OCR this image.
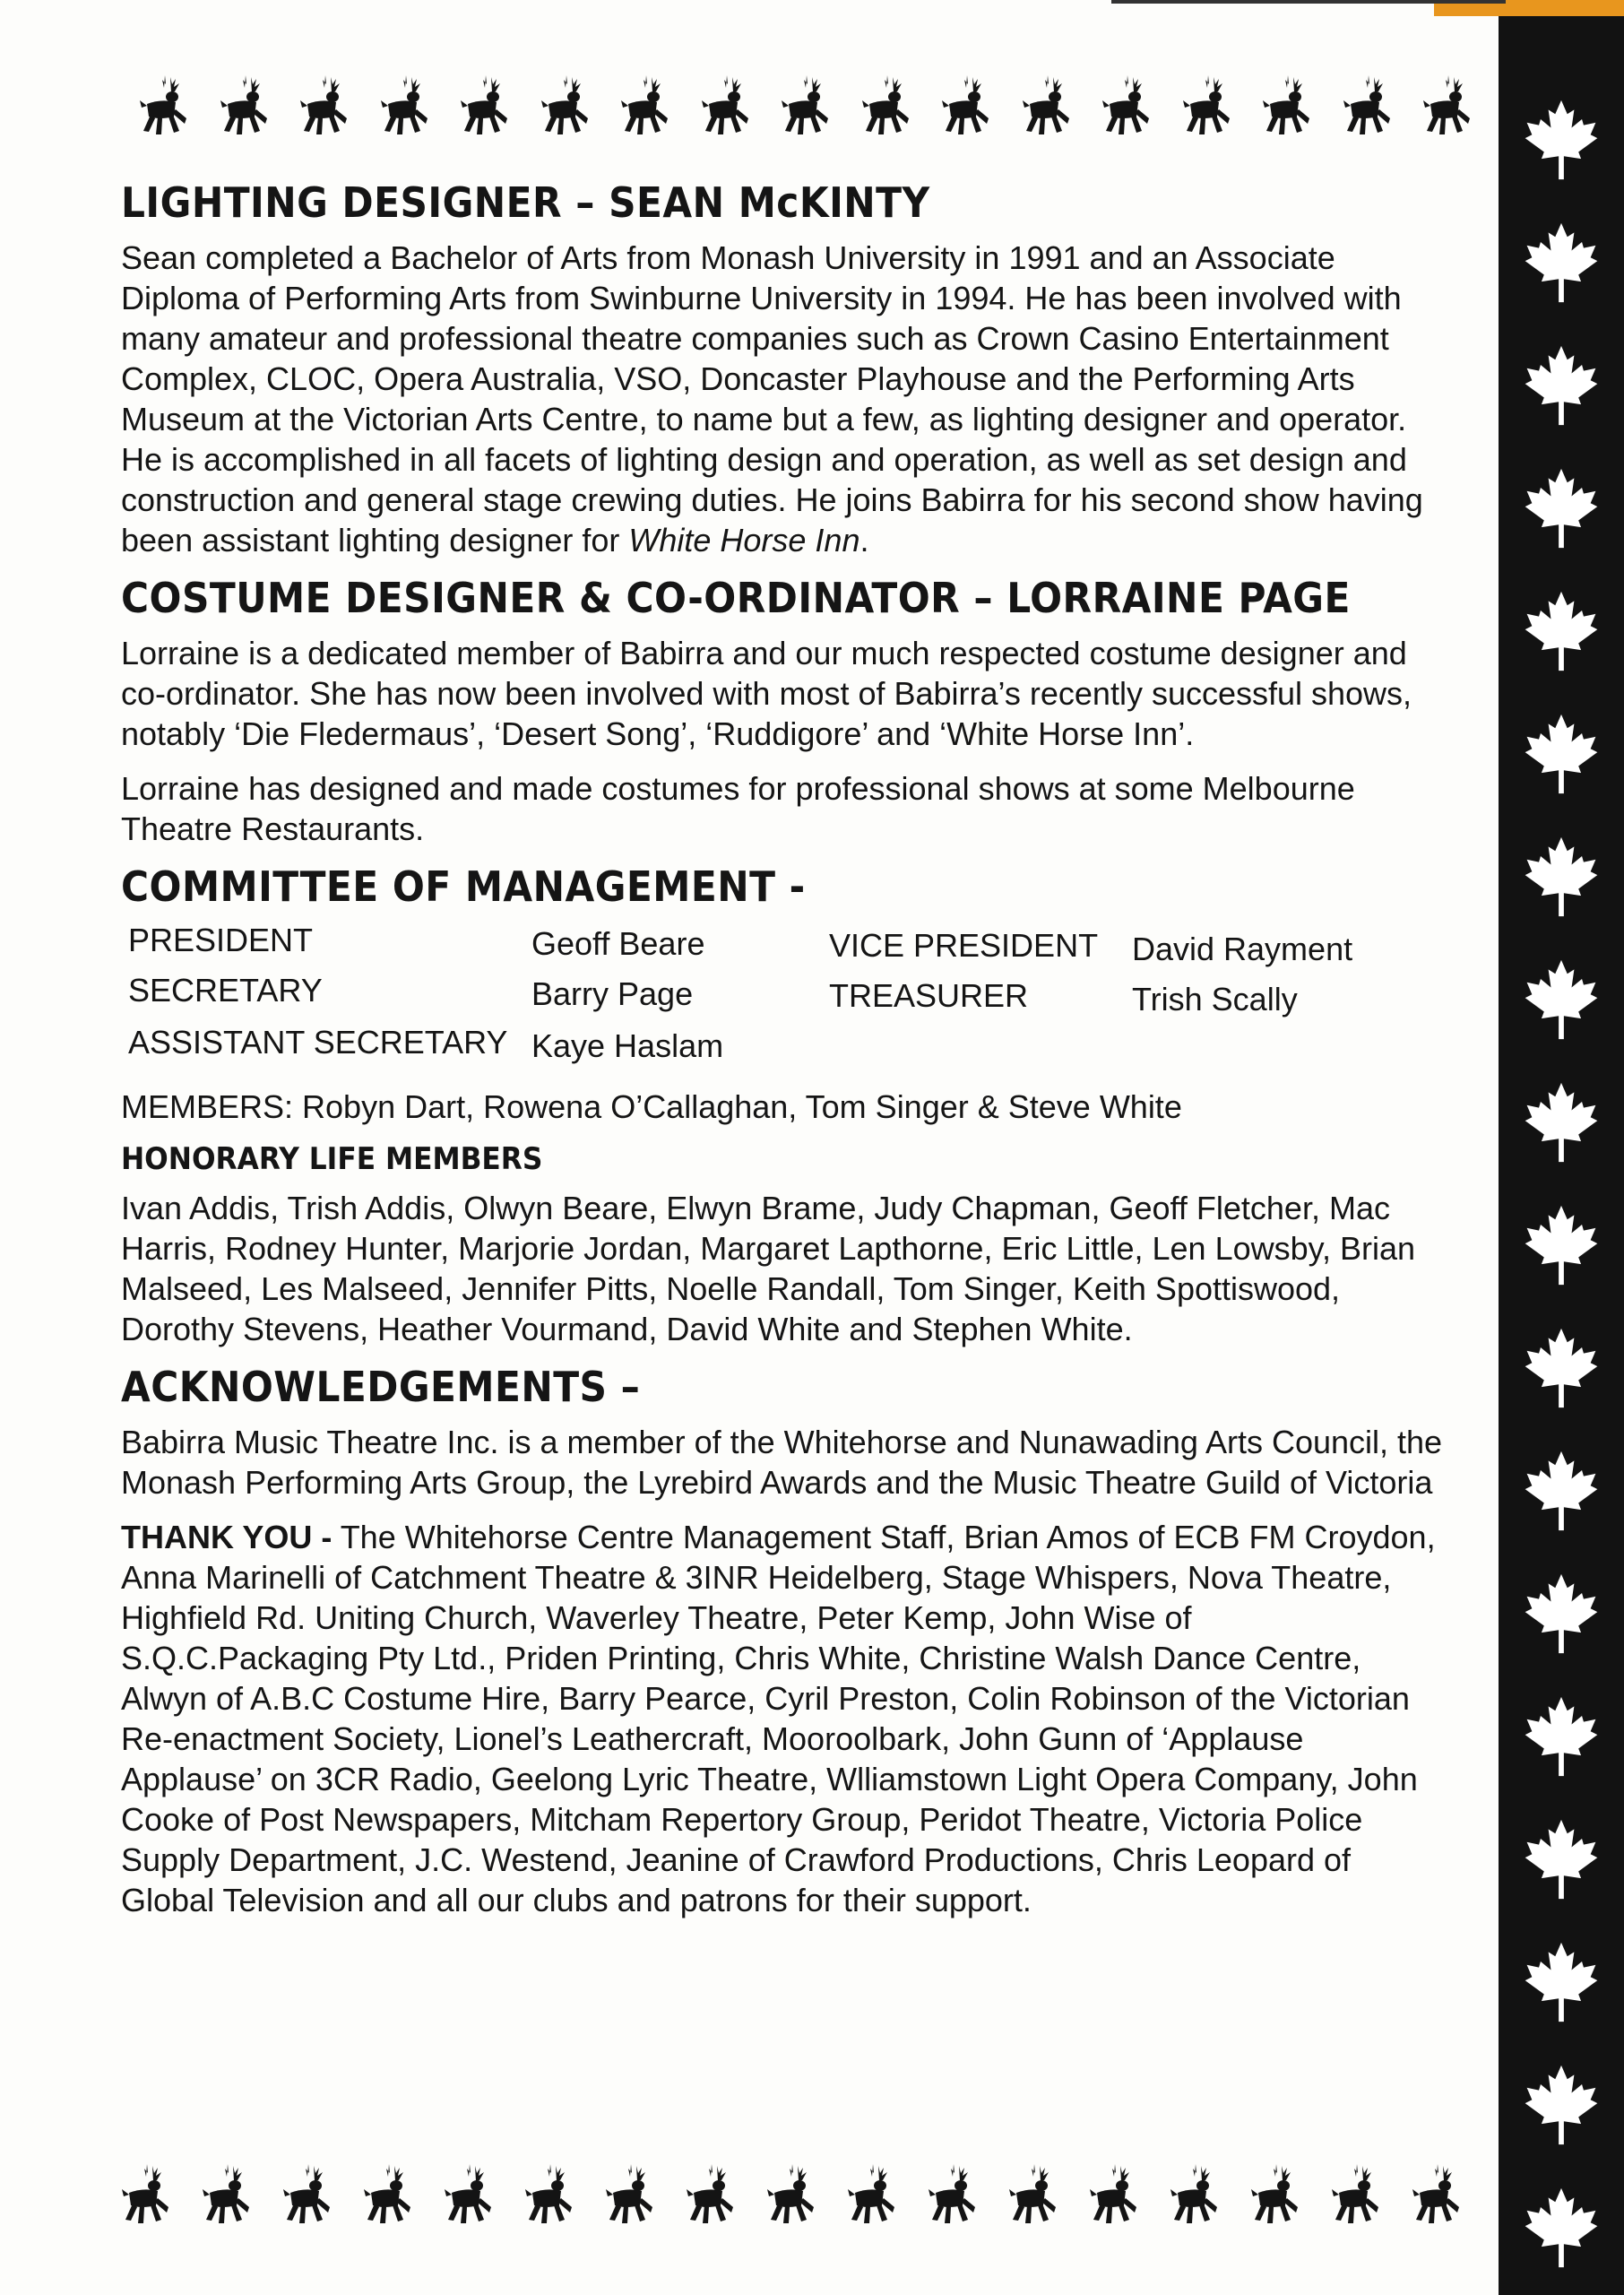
LIGHTING DESIGNER – SEAN McKINTY

Sean completed a Bachelor of Arts from Monash University in 1991 and an Associate Diploma of Performing Arts from Swinburne University in 1994. He has been involved with many amateur and professional theatre companies such as Crown Casino Entertainment Complex, CLOC, Opera Australia, VSO, Doncaster Playhouse and the Performing Arts Museum at the Victorian Arts Centre, to name but a few, as lighting designer and operator. He is accomplished in all facets of lighting design and operation, as well as set design and construction and general stage crewing duties. He joins Babirra for his second show having been assistant lighting designer for White Horse Inn.

COSTUME DESIGNER & CO-ORDINATOR – LORRAINE PAGE

Lorraine is a dedicated member of Babirra and our much respected costume designer and co-ordinator. She has now been involved with most of Babirra’s recently successful shows, notably ‘Die Fledermaus’, ‘Desert Song’, ‘Ruddigore’ and ‘White Horse Inn’.

Lorraine has designed and made costumes for professional shows at some Melbourne Theatre Restaurants.

COMMITTEE OF MANAGEMENT -
PRESIDENT	Geoff Beare	VICE PRESIDENT David Rayment
SECRETARY	Barry Page	TREASURER	Trish Scally
ASSISTANT SECRETARY Kaye Haslam

MEMBERS: Robyn Dart, Rowena O’Callaghan, Tom Singer & Steve White

HONORARY LIFE MEMBERS

Ivan Addis, Trish Addis, Olwyn Beare, Elwyn Brame, Judy Chapman, Geoff Fletcher, Mac Harris, Rodney Hunter, Marjorie Jordan, Margaret Lapthorne, Eric Little, Len Lowsby, Brian Malseed, Les Malseed, Jennifer Pitts, Noelle Randall, Tom Singer, Keith Spottiswood, Dorothy Stevens, Heather Vourmand, David White and Stephen White.

ACKNOWLEDGEMENTS –

Babirra Music Theatre Inc. is a member of the Whitehorse and Nunawading Arts Council, the Monash Performing Arts Group, the Lyrebird Awards and the Music Theatre Guild of Victoria

THANK YOU - The Whitehorse Centre Management Staff, Brian Amos of ECB FM Croydon, Anna Marinelli of Catchment Theatre & 3INR Heidelberg, Stage Whispers, Nova Theatre, Highfield Rd. Uniting Church, Waverley Theatre, Peter Kemp, John Wise of S.Q.C.Packaging Pty Ltd., Priden Printing, Chris White, Christine Walsh Dance Centre, Alwyn of A.B.C Costume Hire, Barry Pearce, Cyril Preston, Colin Robinson of the Victorian Re-enactment Society, Lionel’s Leathercraft, Mooroolbark, John Gunn of ‘Applause Applause’ on 3CR Radio, Geelong Lyric Theatre, Wlliamstown Light Opera Company, John Cooke of Post Newspapers, Mitcham Repertory Group, Peridot Theatre, Victoria Police Supply Department, J.C. Westend, Jeanine of Crawford Productions, Chris Leopard of Global Television and all our clubs and patrons for their support.
